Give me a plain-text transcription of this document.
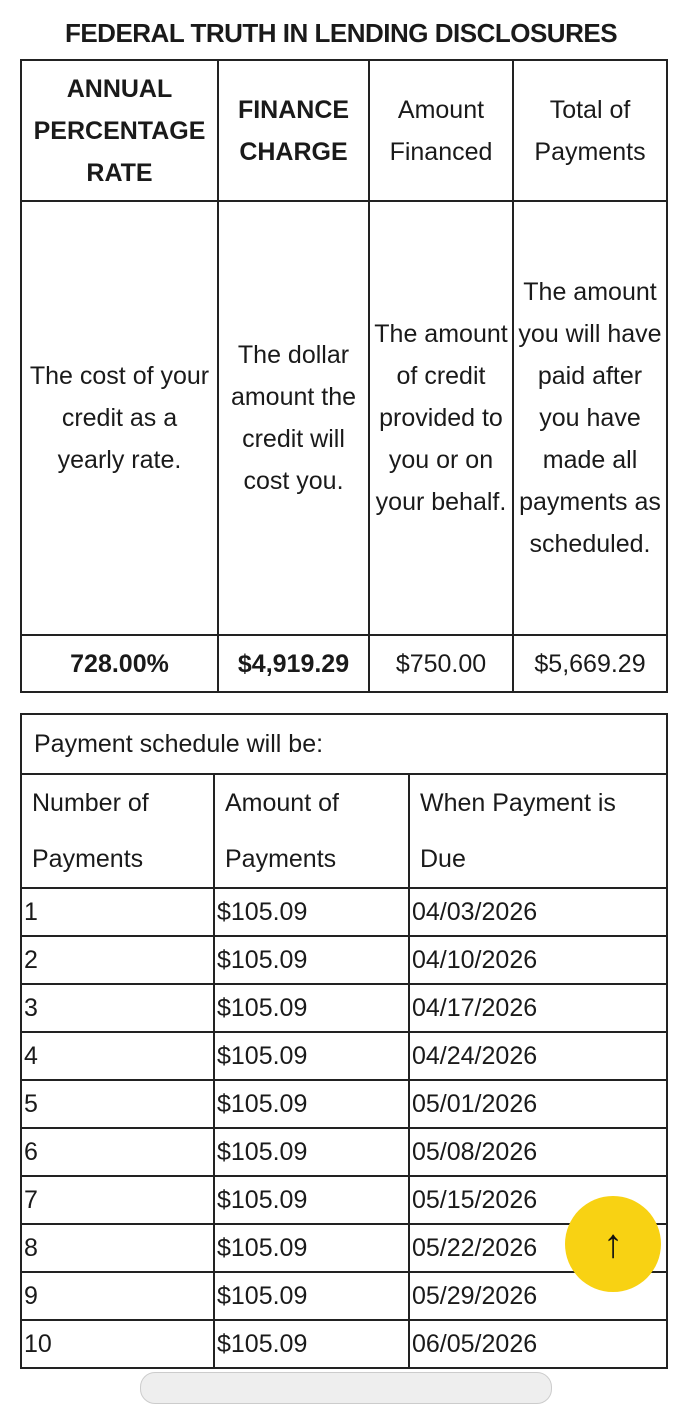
FEDERAL TRUTH IN LENDING DISCLOSURES
ANNUAL PERCENTAGE RATE	FINANCE CHARGE	Amount Financed	Total of Payments
The cost of your credit as a yearly rate.	The dollar amount the credit will cost you.	The amount of credit provided to you or on your behalf.	The amount you will have paid after you have made all payments as scheduled.
728.00%	$4,919.29	$750.00	$5,669.29
Payment schedule will be:		
Number of Payments	Amount of Payments	When Payment is Due
1	$105.09	04/03/2026
2	$105.09	04/10/2026
3	$105.09	04/17/2026
4	$105.09	04/24/2026
5	$105.09	05/01/2026
6	$105.09	05/08/2026
7	$105.09	05/15/2026
8	$105.09	05/22/2026
9	$105.09	05/29/2026
10	$105.09	06/05/2026
↑
